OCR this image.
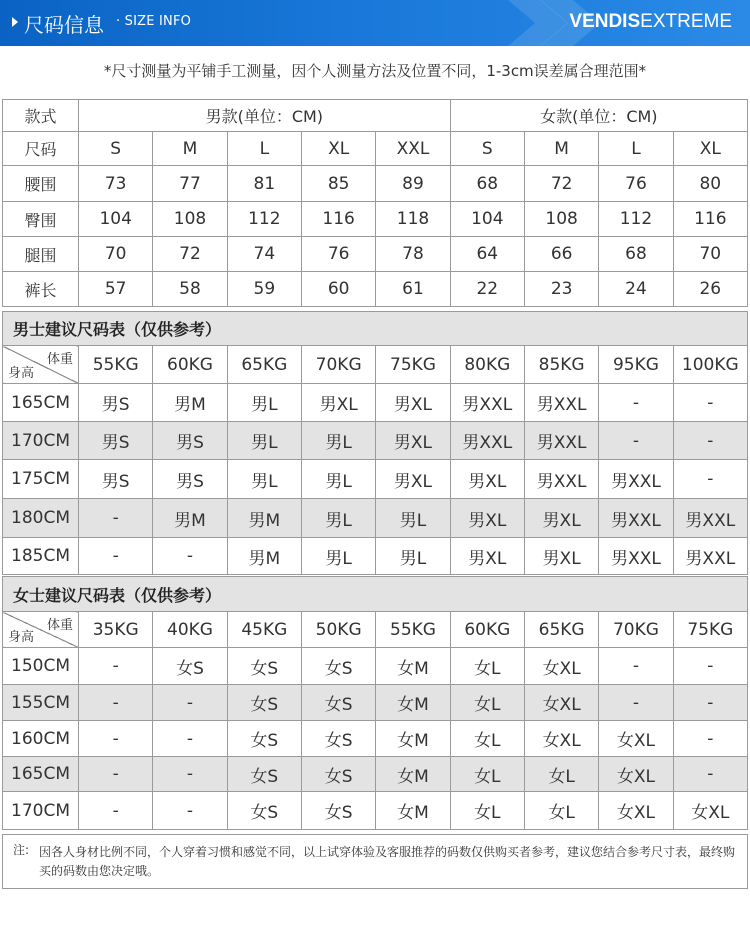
尺码信息 · SIZE INFO	VENDISEXTREME
*尺寸测量为平铺手工测量，因个人测量方法及位置不同，1-3cm误差属合理范围*
款式	男款(单位：CM)					女款(单位：CM)			
尺码	S	M	L	XL	XXL	S	M	L	XL
腰围	73	77	81	85	89	68	72	76	80
臀围	104	108	112	116	118	104	108	112	116
腿围	70	72	74	76	78	64	66	68	70
裤长	57	58	59	60	61	22	23	24	26
男士建议尺码表（仅供参考）									

体重
身高	55KG	60KG	65KG	70KG	75KG	80KG	85KG	95KG	100KG
165CM	男S	男M	男L	男XL	男XL	男XXL	男XXL	-	-
170CM	男S	男S	男L	男L	男XL	男XXL	男XXL	-	-
175CM	男S	男S	男L	男L	男XL	男XL	男XXL	男XXL	-
180CM	-	男M	男M	男L	男L	男XL	男XL	男XXL	男XXL
185CM	-	-	男M	男L	男L	男XL	男XL	男XXL	男XXL
女士建议尺码表（仅供参考）									

体重
身高	35KG	40KG	45KG	50KG	55KG	60KG	65KG	70KG	75KG
150CM	-	女S	女S	女S	女M	女L	女XL	-	-
155CM	-	-	女S	女S	女M	女L	女XL	-	-
160CM	-	-	女S	女S	女M	女L	女XL	女XL	-
165CM	-	-	女S	女S	女M	女L	女L	女XL	-
170CM	-	-	女S	女S	女M	女L	女L	女XL	女XL
注: 因各人身材比例不同，个人穿着习惯和感觉不同，以上试穿体验及客服推荐的码数仅供购买者参考，建议您结合参考尺寸表，最终购买的码数由您决定哦。
